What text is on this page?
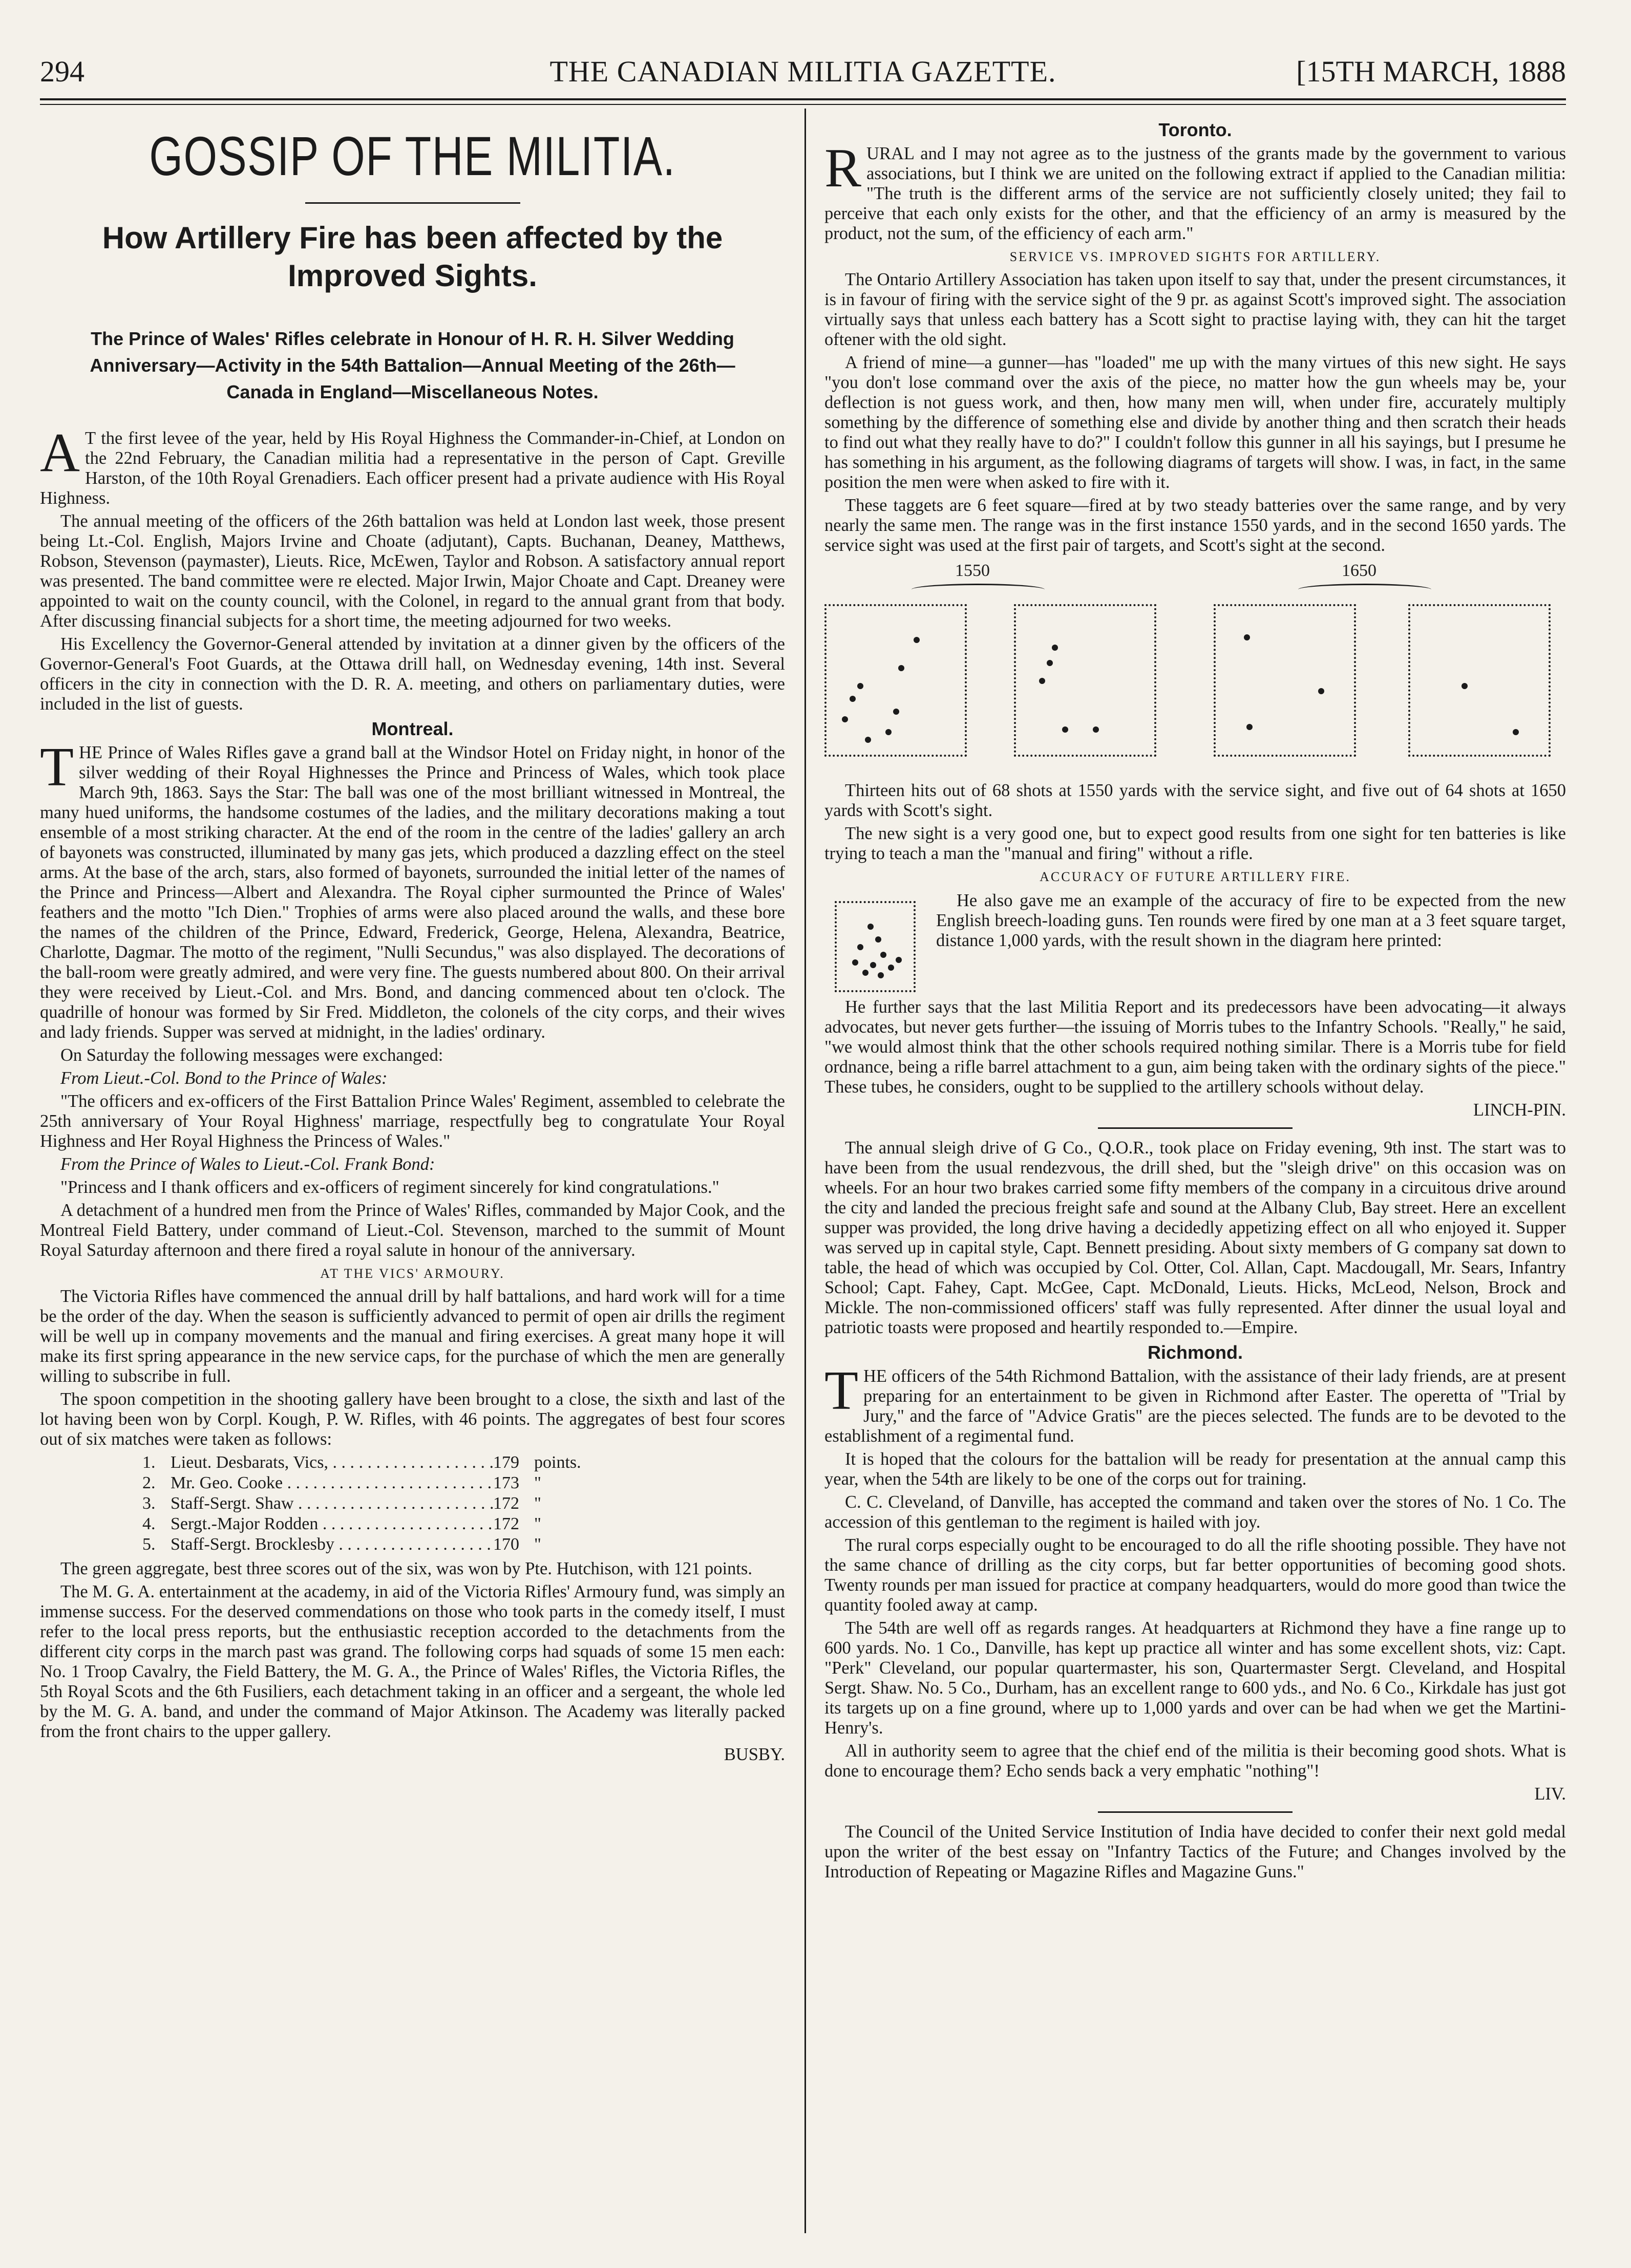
THE CANADIAN MILITIA GAZETTE.
294	[15TH MARCH, 1888
GOSSIP OF THE MILITIA.
How Artillery Fire has been affected by the Improved Sights.
The Prince of Wales' Rifles celebrate in Honour of H. R. H. Silver Wedding Anniversary—Activity in the 54th Battalion—Annual Meeting of the 26th—Canada in England—Miscellaneous Notes.

A T the first levee of the year, held by His Royal Highness the Commander-in-Chief, at London on the 22nd February, the Canadian militia had a representative in the person of Capt. Greville Harston, of the 10th Royal Grenadiers. Each officer present had a private audience with His Royal Highness.

The annual meeting of the officers of the 26th battalion was held at London last week, those present being Lt.-Col. English, Majors Irvine and Choate (adjutant), Capts. Buchanan, Deaney, Matthews, Robson, Stevenson (paymaster), Lieuts. Rice, McEwen, Taylor and Robson. A satisfactory annual report was presented. The band committee were re elected. Major Irwin, Major Choate and Capt. Dreaney were appointed to wait on the county council, with the Colonel, in regard to the annual grant from that body. After discussing financial subjects for a short time, the meeting adjourned for two weeks.

His Excellency the Governor-General attended by invitation at a dinner given by the officers of the Governor-General's Foot Guards, at the Ottawa drill hall, on Wednesday evening, 14th inst. Several officers in the city in connection with the D. R. A. meeting, and others on parliamentary duties, were included in the list of guests.

Montreal.

THE Prince of Wales Rifles gave a grand ball at the Windsor Hotel on Friday night, in honor of the silver wedding of their Royal Highnesses the Prince and Princess of Wales, which took place March 9th, 1863. Says the Star: The ball was one of the most brilliant witnessed in Montreal, the many hued uniforms, the handsome costumes of the ladies, and the military decorations making a tout ensemble of a most striking character. At the end of the room in the centre of the ladies' gallery an arch of bayonets was constructed, illuminated by many gas jets, which produced a dazzling effect on the steel arms. At the base of the arch, stars, also formed of bayonets, surrounded the initial letter of the names of the Prince and Princess—Albert and Alexandra. The Royal cipher surmounted the Prince of Wales' feathers and the motto "Ich Dien." Trophies of arms were also placed around the walls, and these bore the names of the children of the Prince, Edward, Frederick, George, Helena, Alexandra, Beatrice, Charlotte, Dagmar. The motto of the regiment, "Nulli Secundus," was also displayed. The decorations of the ball-room were greatly admired, and were very fine. The guests numbered about 800. On their arrival they were received by Lieut.-Col. and Mrs. Bond, and dancing commenced about ten o'clock. The quadrille of honour was formed by Sir Fred. Middleton, the colonels of the city corps, and their wives and lady friends. Supper was served at midnight, in the ladies' ordinary.

On Saturday the following messages were exchanged:

From Lieut.-Col. Bond to the Prince of Wales:

"The officers and ex-officers of the First Battalion Prince Wales' Regiment, assembled to celebrate the 25th anniversary of Your Royal Highness' marriage, respectfully beg to congratulate Your Royal Highness and Her Royal Highness the Princess of Wales."

From the Prince of Wales to Lieut.-Col. Frank Bond:

"Princess and I thank officers and ex-officers of regiment sincerely for kind congratulations."

A detachment of a hundred men from the Prince of Wales' Rifles, commanded by Major Cook, and the Montreal Field Battery, under command of Lieut.-Col. Stevenson, marched to the summit of Mount Royal Saturday afternoon and there fired a royal salute in honour of the anniversary.

AT THE VICS' ARMOURY.

The Victoria Rifles have commenced the annual drill by half battalions, and hard work will for a time be the order of the day. When the season is sufficiently advanced to permit of open air drills the regiment will be well up in company movements and the manual and firing exercises. A great many hope it will make its first spring appearance in the new service caps, for the purchase of which the men are generally willing to subscribe in full.

The spoon competition in the shooting gallery have been brought to a close, the sixth and last of the lot having been won by Corpl. Kough, P. W. Rifles, with 46 points. The aggregates of best four scores out of six matches were taken as follows:

1. Lieut. Desbarats, Vics, . . .	179 points.
2. Mr. Geo. Cooke . . .	173 "
3. Staff-Sergt. Shaw . . .	172 "
4. Sergt.-Major Rodden . . .	172 "
5. Staff-Sergt. Brocklesby . . .	170 "

The green aggregate, best three scores out of the six, was won by Pte. Hutchison, with 121 points.

The M. G. A. entertainment at the academy, in aid of the Victoria Rifles' Armoury fund, was simply an immense success. For the deserved commendations on those who took parts in the comedy itself, I must refer to the local press reports, but the enthusiastic reception accorded to the detachments from the different city corps in the march past was grand. The following corps had squads of some 15 men each: No. 1 Troop Cavalry, the Field Battery, the M. G. A., the Prince of Wales' Rifles, the Victoria Rifles, the 5th Royal Scots and the 6th Fusiliers, each detachment taking in an officer and a sergeant, the whole led by the M. G. A. band, and under the command of Major Atkinson. The Academy was literally packed from the front chairs to the upper gallery.

BUSBY.

Toronto.

RURAL and I may not agree as to the justness of the grants made by the government to various associations, but I think we are united on the following extract if applied to the Canadian militia: "The truth is the different arms of the service are not sufficiently closely united; they fail to perceive that each only exists for the other, and that the efficiency of an army is measured by the product, not the sum, of the efficiency of each arm."

SERVICE VS. IMPROVED SIGHTS FOR ARTILLERY.

The Ontario Artillery Association has taken upon itself to say that, under the present circumstances, it is in favour of firing with the service sight of the 9 pr. as against Scott's improved sight. The association virtually says that unless each battery has a Scott sight to practise laying with, they can hit the target oftener with the old sight.

A friend of mine—a gunner—has "loaded" me up with the many virtues of this new sight. He says "you don't lose command over the axis of the piece, no matter how the gun wheels may be, your deflection is not guess work, and then, how many men will, when under fire, accurately multiply something by the difference of something else and divide by another thing and then scratch their heads to find out what they really have to do?" I couldn't follow this gunner in all his sayings, but I presume he has something in his argument, as the following diagrams of targets will show. I was, in fact, in the same position the men were when asked to fire with it.

These taggets are 6 feet square—fired at by two steady batteries over the same range, and by very nearly the same men. The range was in the first instance 1550 yards, and in the second 1650 yards. The service sight was used at the first pair of targets, and Scott's sight at the second.

1550	1650

Thirteen hits out of 68 shots at 1550 yards with the service sight, and five out of 64 shots at 1650 yards with Scott's sight.

The new sight is a very good one, but to expect good results from one sight for ten batteries is like trying to teach a man the "manual and firing" without a rifle.

ACCURACY OF FUTURE ARTILLERY FIRE.
He also gave me an example of the accuracy of fire to be expected from the new English breech-loading guns. Ten rounds were fired by one man at a 3 feet square target, distance 1,000 yards, with the result shown in the diagram here printed:

He further says that the last Militia Report and its predecessors have been advocating—it always advocates, but never gets further—the issuing of Morris tubes to the Infantry Schools. "Really," he said, "we would almost think that the other schools required nothing similar. There is a Morris tube for field ordnance, being a rifle barrel attachment to a gun, aim being taken with the ordinary sights of the piece." These tubes, he considers, ought to be supplied to the artillery schools without delay.

LINCH-PIN.

The annual sleigh drive of G Co., Q.O.R., took place on Friday evening, 9th inst. The start was to have been from the usual rendezvous, the drill shed, but the "sleigh drive" on this occasion was on wheels. For an hour two brakes carried some fifty members of the company in a circuitous drive around the city and landed the precious freight safe and sound at the Albany Club, Bay street. Here an excellent supper was provided, the long drive having a decidedly appetizing effect on all who enjoyed it. Supper was served up in capital style, Capt. Bennett presiding. About sixty members of G company sat down to table, the head of which was occupied by Col. Otter, Col. Allan, Capt. Macdougall, Mr. Sears, Infantry School; Capt. Fahey, Capt. McGee, Capt. McDonald, Lieuts. Hicks, McLeod, Nelson, Brock and Mickle. The non-commissioned officers' staff was fully represented. After dinner the usual loyal and patriotic toasts were proposed and heartily responded to.—Empire.

Richmond.

THE officers of the 54th Richmond Battalion, with the assistance of their lady friends, are at present preparing for an entertainment to be given in Richmond after Easter. The operetta of "Trial by Jury," and the farce of "Advice Gratis" are the pieces selected. The funds are to be devoted to the establishment of a regimental fund.

It is hoped that the colours for the battalion will be ready for presentation at the annual camp this year, when the 54th are likely to be one of the corps out for training.

C. C. Cleveland, of Danville, has accepted the command and taken over the stores of No. 1 Co. The accession of this gentleman to the regiment is hailed with joy.

The rural corps especially ought to be encouraged to do all the rifle shooting possible. They have not the same chance of drilling as the city corps, but far better opportunities of becoming good shots. Twenty rounds per man issued for practice at company headquarters, would do more good than twice the quantity fooled away at camp.

The 54th are well off as regards ranges. At headquarters at Richmond they have a fine range up to 600 yards. No. 1 Co., Danville, has kept up practice all winter and has some excellent shots, viz: Capt. "Perk" Cleveland, our popular quartermaster, his son, Quartermaster Sergt. Cleveland, and Hospital Sergt. Shaw. No. 5 Co., Durham, has an excellent range to 600 yds., and No. 6 Co., Kirkdale has just got its targets up on a fine ground, where up to 1,000 yards and over can be had when we get the Martini-Henry's.

All in authority seem to agree that the chief end of the militia is their becoming good shots. What is done to encourage them? Echo sends back a very emphatic "nothing"!

LIV.

The Council of the United Service Institution of India have decided to confer their next gold medal upon the writer of the best essay on "Infantry Tactics of the Future; and Changes involved by the Introduction of Repeating or Magazine Rifles and Magazine Guns."
